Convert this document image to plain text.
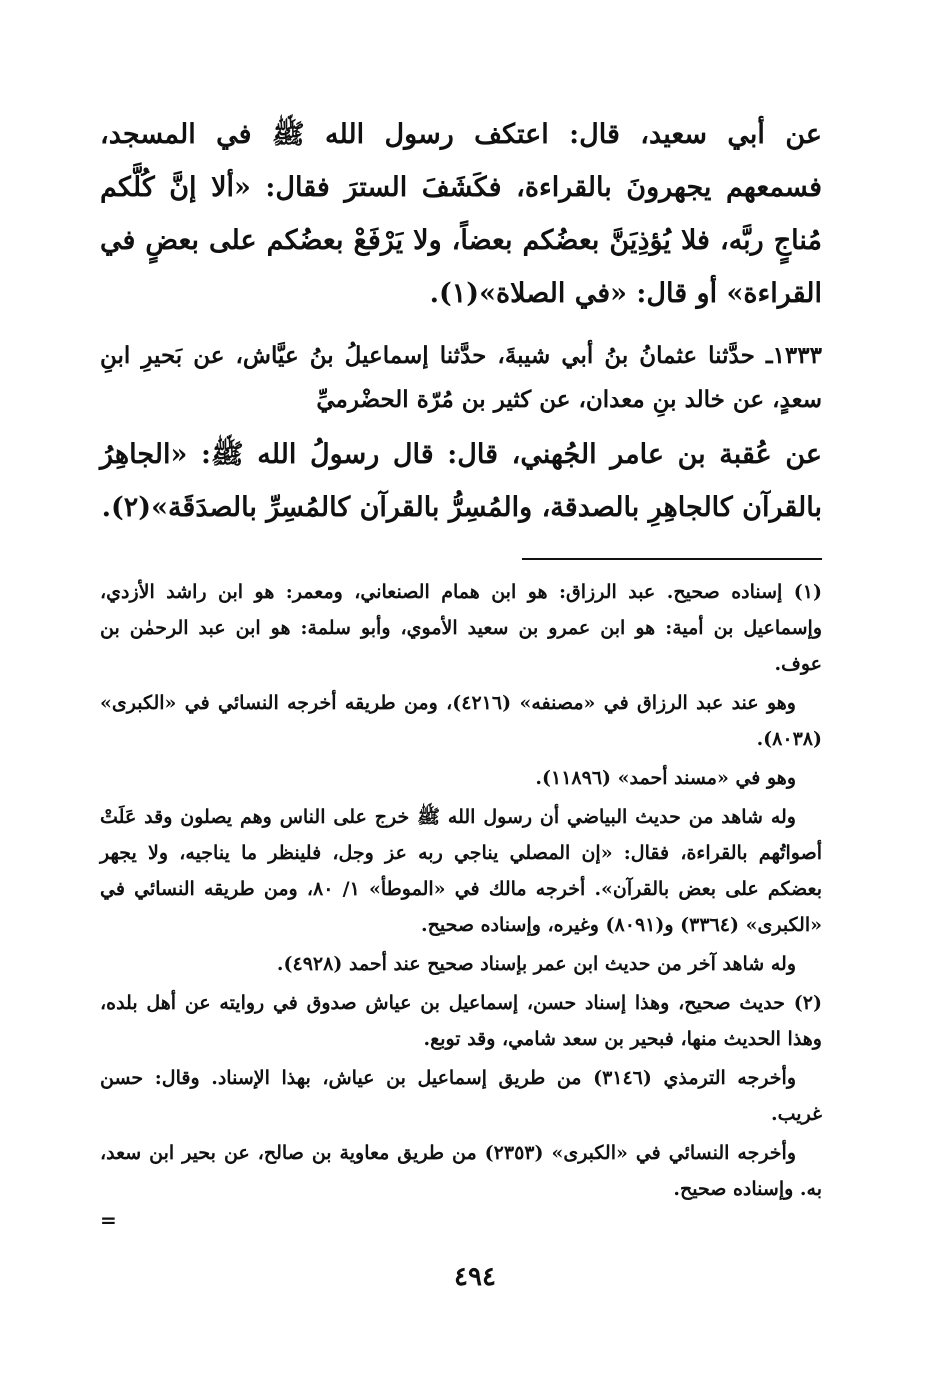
عن أبي سعيد، قال: اعتكف رسول الله ﷺ في المسجد، فسمعهم يجهرونَ بالقراءة، فكَشَفَ السترَ فقال: «ألا إنَّ كُلَّكم مُناجٍ ربَّه، فلا يُؤذِيَنَّ بعضُكم بعضاً، ولا يَرْفَعْ بعضُكم على بعضٍ في القراءة» أو قال: «في الصلاة»(١).

١٣٣٣ـ حدَّثنا عثمانُ بنُ أبي شيبةَ، حدَّثنا إسماعيلُ بنُ عيَّاش، عن بَحيرِ ابنِ سعدٍ، عن خالد بنِ معدان، عن كثير بن مُرّة الحضْرميِّ

عن عُقبة بن عامر الجُهني، قال: قال رسولُ الله ﷺ: «الجاهِرُ بالقرآن كالجاهِرِ بالصدقة، والمُسِرُّ بالقرآن كالمُسِرِّ بالصدَقَة»(٢).

(١) إسناده صحيح. عبد الرزاق: هو ابن همام الصنعاني، ومعمر: هو ابن راشد الأزدي، وإسماعيل بن أمية: هو ابن عمرو بن سعيد الأموي، وأبو سلمة: هو ابن عبد الرحمٰن بن عوف.

وهو عند عبد الرزاق في «مصنفه» (٤٢١٦)، ومن طريقه أخرجه النسائي في «الكبرى» (٨٠٣٨).

وهو في «مسند أحمد» (١١٨٩٦).

وله شاهد من حديث البياضي أن رسول الله ﷺ خرج على الناس وهم يصلون وقد عَلَتْ أصواتُهم بالقراءة، فقال: «إن المصلي يناجي ربه عز وجل، فلينظر ما يناجيه، ولا يجهر بعضكم على بعض بالقرآن». أخرجه مالك في «الموطأ» ١/ ٨٠، ومن طريقه النسائي في «الكبرى» (٣٣٦٤) و(٨٠٩١) وغيره، وإسناده صحيح.

وله شاهد آخر من حديث ابن عمر بإسناد صحيح عند أحمد (٤٩٢٨).

(٢) حديث صحيح، وهذا إسناد حسن، إسماعيل بن عياش صدوق في روايته عن أهل بلده، وهذا الحديث منها، فبحير بن سعد شامي، وقد توبع.

وأخرجه الترمذي (٣١٤٦) من طريق إسماعيل بن عياش، بهذا الإسناد. وقال: حسن غريب.

وأخرجه النسائي في «الكبرى» (٢٣٥٣) من طريق معاوية بن صالح، عن بحير ابن سعد، به. وإسناده صحيح.

=
٤٩٤
